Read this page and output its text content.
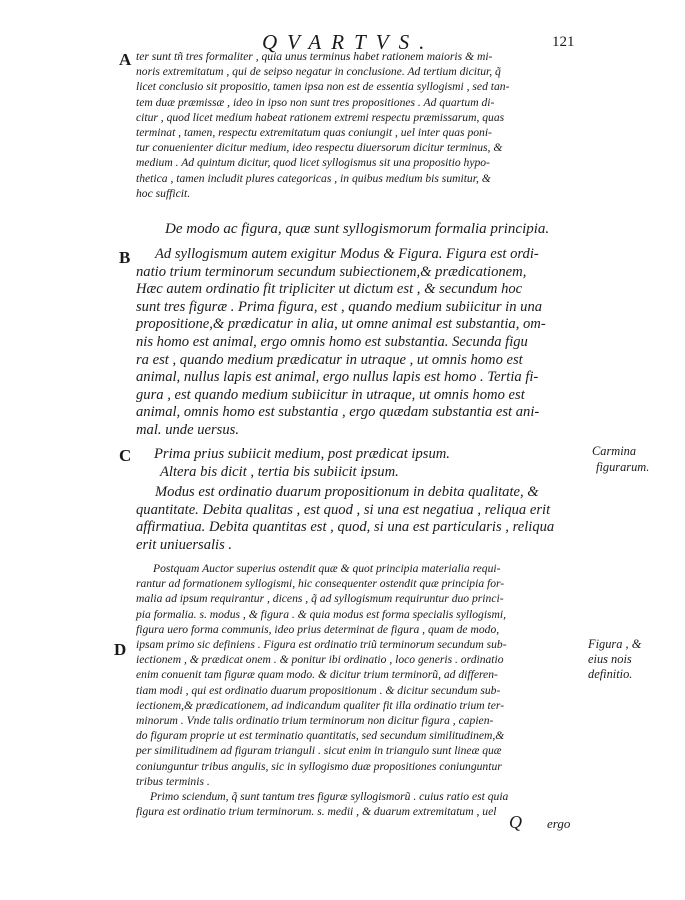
QVARTVS.	121
A
B
C
D
ter sunt tñ tres formaliter , quia unus terminus habet rationem maioris & mi-
noris extremitatum , qui de seipso negatur in conclusione. Ad tertium dicitur, q̃
licet conclusio sit propositio, tamen ipsa non est de essentia syllogismi , sed tan-
tem duæ præmissæ , ideo in ipso non sunt tres propositiones . Ad quartum di-
citur , quod licet medium habeat rationem extremi respectu præmissarum, quas
terminat , tamen, respectu extremitatum quas coniungit , uel inter quas poni-
tur conuenienter dicitur medium, ideo respectu diuersorum dicitur terminus, &
medium . Ad quintum dicitur, quod licet syllogismus sit una propositio hypo-
thetica , tamen includit plures categoricas , in quibus medium bis sumitur, &
hoc sufficit.
De modo ac figura, quæ sunt syllogismorum formalia principia.
Ad syllogismum autem exigitur Modus & Figura. Figura est ordi-
natio trium terminorum secundum subiectionem,& prædicationem,
Hæc autem ordinatio fit tripliciter ut dictum est , & secundum hoc
sunt tres figuræ . Prima figura, est , quando medium subiicitur in una
propositione,& prædicatur in alia, ut omne animal est substantia, om-
nis homo est animal, ergo omnis homo est substantia. Secunda figu
ra est , quando medium prædicatur in utraque , ut omnis homo est
animal, nullus lapis est animal, ergo nullus lapis est homo . Tertia fi-
gura , est quando medium subiicitur in utraque, ut omnis homo est
animal, omnis homo est substantia , ergo quædam substantia est ani-
mal. unde uersus.
Prima prius subiicit medium, post prædicat ipsum.
Altera bis dicit , tertia bis subiicit ipsum.
Modus est ordinatio duarum propositionum in debita qualitate, &
quantitate. Debita qualitas , est quod , si una est negatiua , reliqua erit
affirmatiua. Debita quantitas est , quod, si una est particularis , reliqua
erit uniuersalis .
Carmina
figurarum.
Postquam Auctor superius ostendit quæ & quot principia materialia requi-
rantur ad formationem syllogismi, hic consequenter ostendit quæ principia for-
malia ad ipsum requirantur , dicens , q̃ ad syllogismum requiruntur duo princi-
pia formalia. s. modus , & figura . & quia modus est forma specialis syllogismi,
figura uero forma communis, ideo prius determinat de figura , quam de modo,
ipsam primo sic definiens . Figura est ordinatio triũ terminorum secundum sub-
iectionem , & prædicat onem . & ponitur ibi ordinatio , loco generis . ordinatio
enim conuenit tam figuræ quam modo. & dicitur trium terminorũ, ad differen-
tiam modi , qui est ordinatio duarum propositionum . & dicitur secundum sub-
iectionem,& prædicationem, ad indicandum qualiter fit illa ordinatio trium ter-
minorum . Vnde talis ordinatio trium terminorum non dicitur figura , capien-
do figuram proprie ut est terminatio quantitatis, sed secundum similitudinem,&
per similitudinem ad figuram trianguli . sicut enim in triangulo sunt lineæ quæ
coniunguntur tribus angulis, sic in syllogismo duæ propositiones coniunguntur
tribus terminis .
Figura , &
eius nois
definitio.
Primo sciendum, q̃ sunt tantum tres figuræ syllogismorũ . cuius ratio est quia
figura est ordinatio trium terminorum. s. medii , & duarum extremitatum , uel
Q ergo
